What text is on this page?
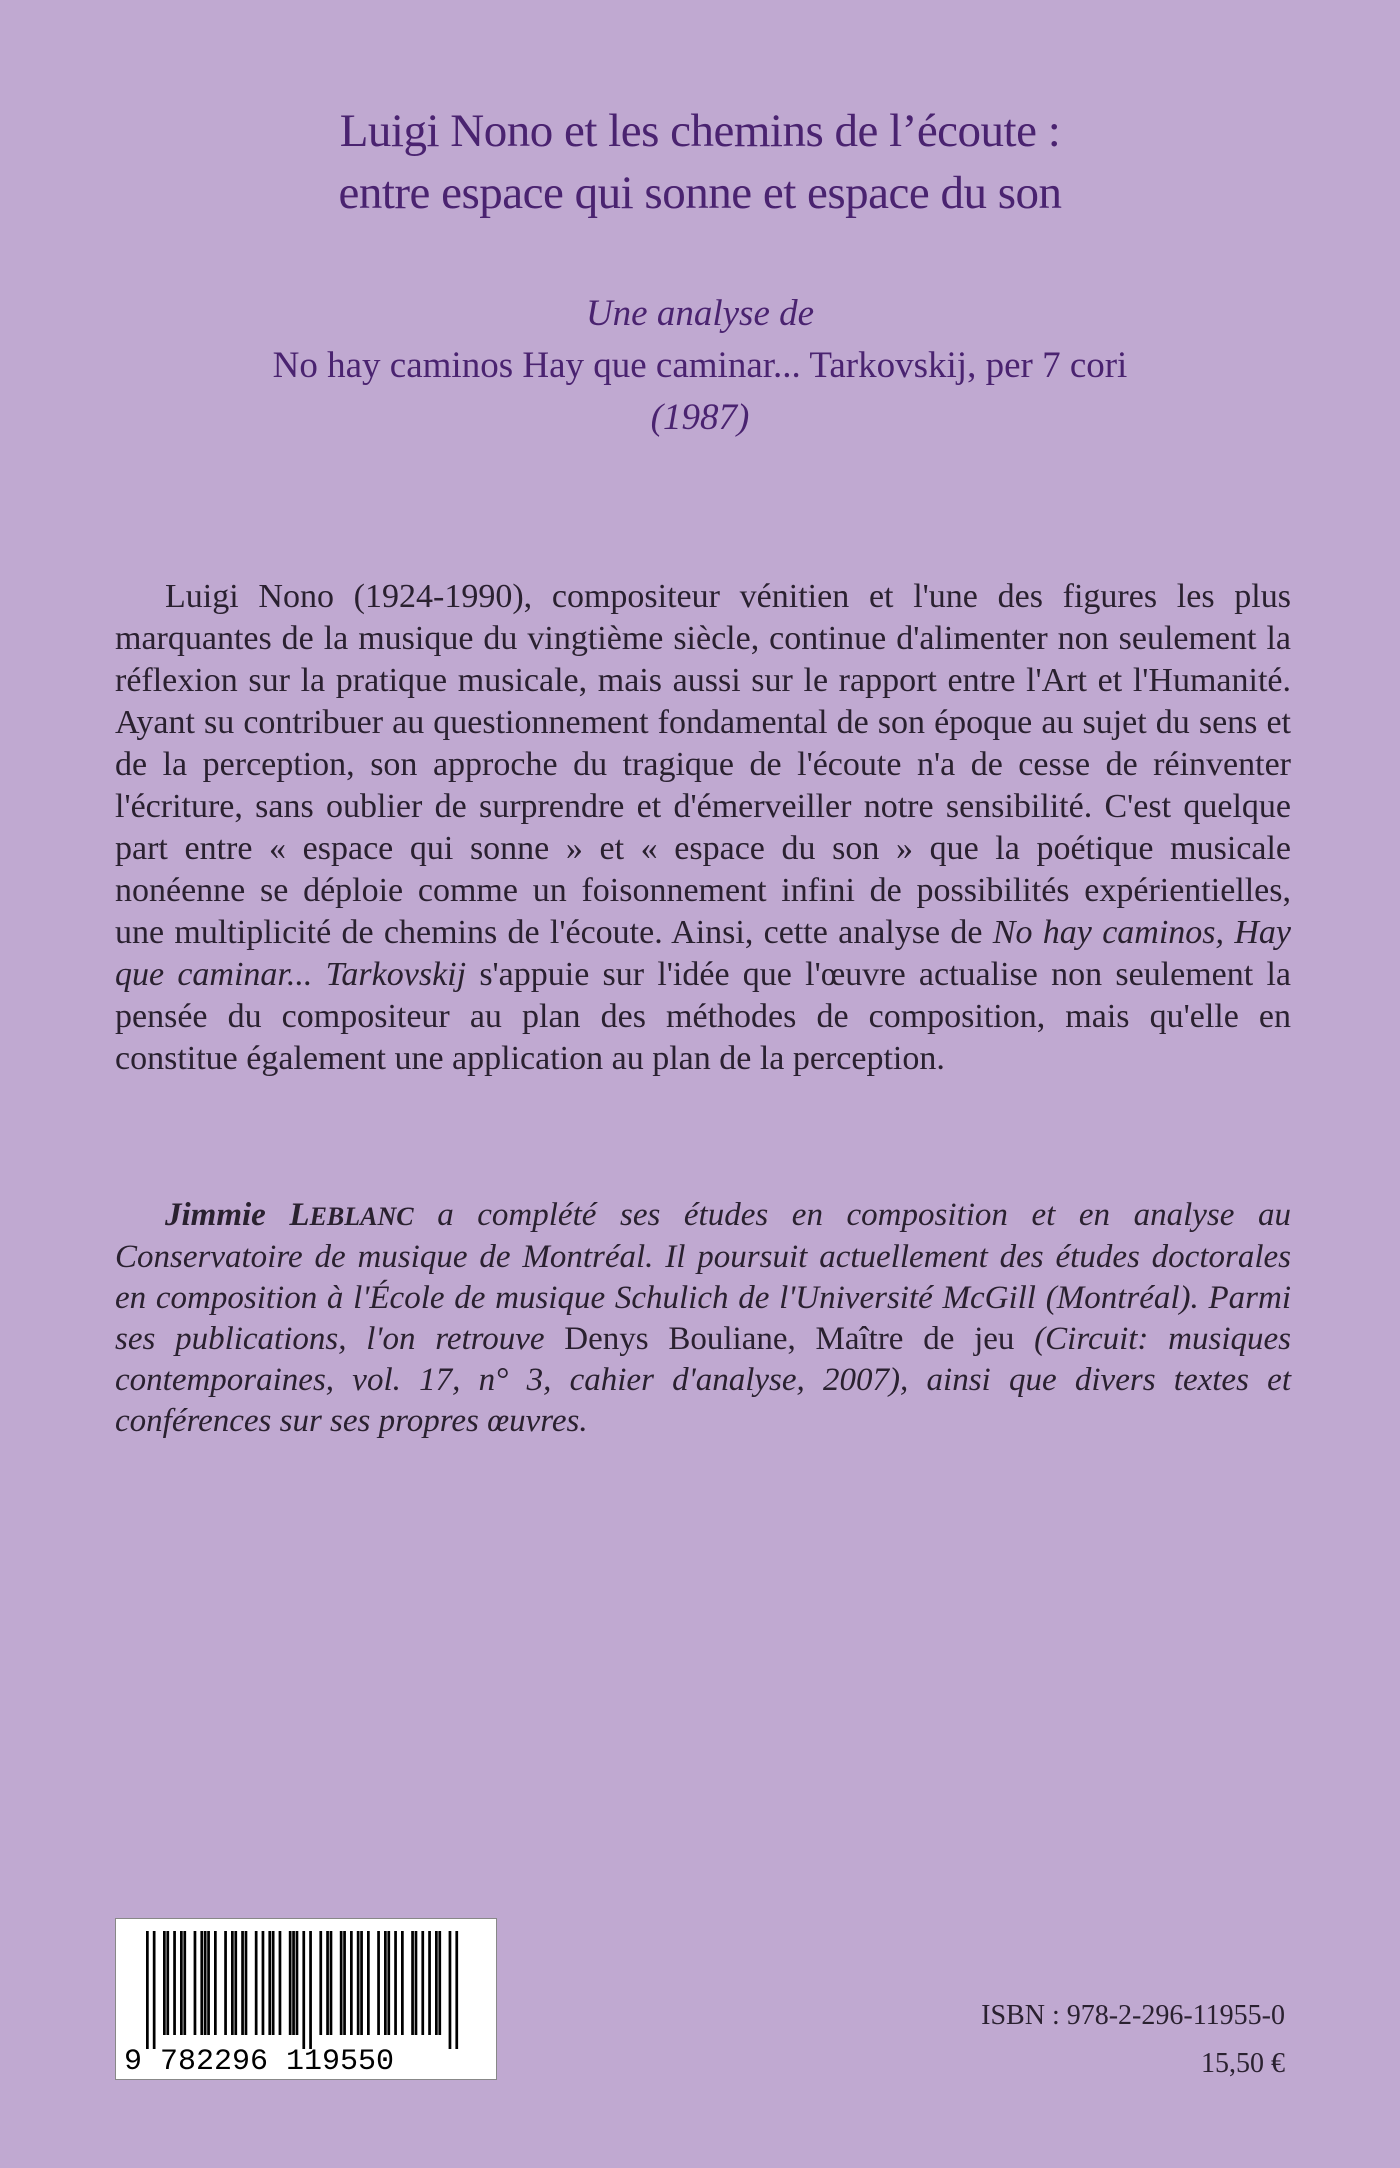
Luigi Nono et les chemins de l’écoute :
entre espace qui sonne et espace du son
Une analyse de
No hay caminos Hay que caminar... Tarkovskij, per 7 cori
(1987)

Luigi Nono (1924-1990), compositeur vénitien et l'une des figures les plus marquantes de la musique du vingtième siècle, continue d'alimenter non seulement la réflexion sur la pratique musicale, mais aussi sur le rapport entre l'Art et l'Humanité. Ayant su contribuer au questionnement fondamental de son époque au sujet du sens et de la perception, son approche du tragique de l'écoute n'a de cesse de réinventer l'écriture, sans oublier de surprendre et d'émerveiller notre sensibilité. C'est quelque part entre « espace qui sonne » et « espace du son » que la poétique musicale nonéenne se déploie comme un foisonnement infini de possibilités expérientielles, une multiplicité de chemins de l'écoute. Ainsi, cette analyse de No hay caminos, Hay que caminar... Tarkovskij s'appuie sur l'idée que l'œuvre actualise non seulement la pensée du compositeur au plan des méthodes de composition, mais qu'elle en constitue également une application au plan de la perception.

Jimmie LEBLANC a complété ses études en composition et en analyse au Conservatoire de musique de Montréal. Il poursuit actuellement des études doctorales en composition à l'École de musique Schulich de l'Université McGill (Montréal). Parmi ses publications, l'on retrouve Denys Bouliane, Maître de jeu (Circuit: musiques contemporaines, vol. 17, n° 3, cahier d'analyse, 2007), ainsi que divers textes et conférences sur ses propres œuvres.

9 782296 119550
ISBN : 978-2-296-11955-0
15,50 €
